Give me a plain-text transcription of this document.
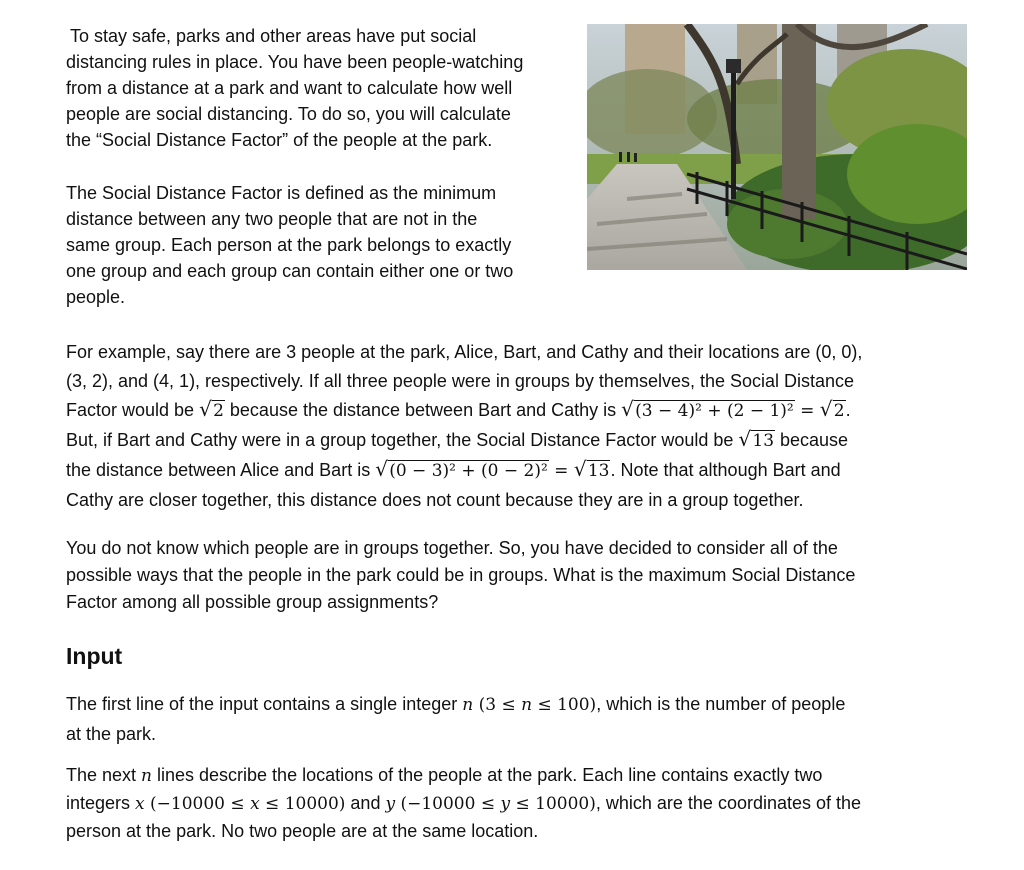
To stay safe, parks and other areas have put social
distancing rules in place. You have been people-watching
from a distance at a park and want to calculate how well
people are social distancing. To do so, you will calculate
the “Social Distance Factor” of the people at the park.
The Social Distance Factor is defined as the minimum
distance between any two people that are not in the
same group. Each person at the park belongs to exactly
one group and each group can contain either one or two
people.
For example, say there are 3 people at the park, Alice, Bart, and Cathy and their locations are (0, 0),
(3, 2), and (4, 1), respectively. If all three people were in groups by themselves, the Social Distance
Factor would be √ 2 because the distance between Bart and Cathy is √ (3 − 4)² + (2 − 1)² = √ 2.
But, if Bart and Cathy were in a group together, the Social Distance Factor would be √ 13 because
the distance between Alice and Bart is √ (0 − 3)² + (0 − 2)² = √ 13. Note that although Bart and
Cathy are closer together, this distance does not count because they are in a group together.
You do not know which people are in groups together. So, you have decided to consider all of the
possible ways that the people in the park could be in groups. What is the maximum Social Distance
Factor among all possible group assignments?
Input
The first line of the input contains a single integer n (3 ≤ n ≤ 100), which is the number of people
at the park.
The next n lines describe the locations of the people at the park. Each line contains exactly two
integers x (−10000 ≤ x ≤ 10000) and y (−10000 ≤ y ≤ 10000), which are the coordinates of the
person at the park. No two people are at the same location.
